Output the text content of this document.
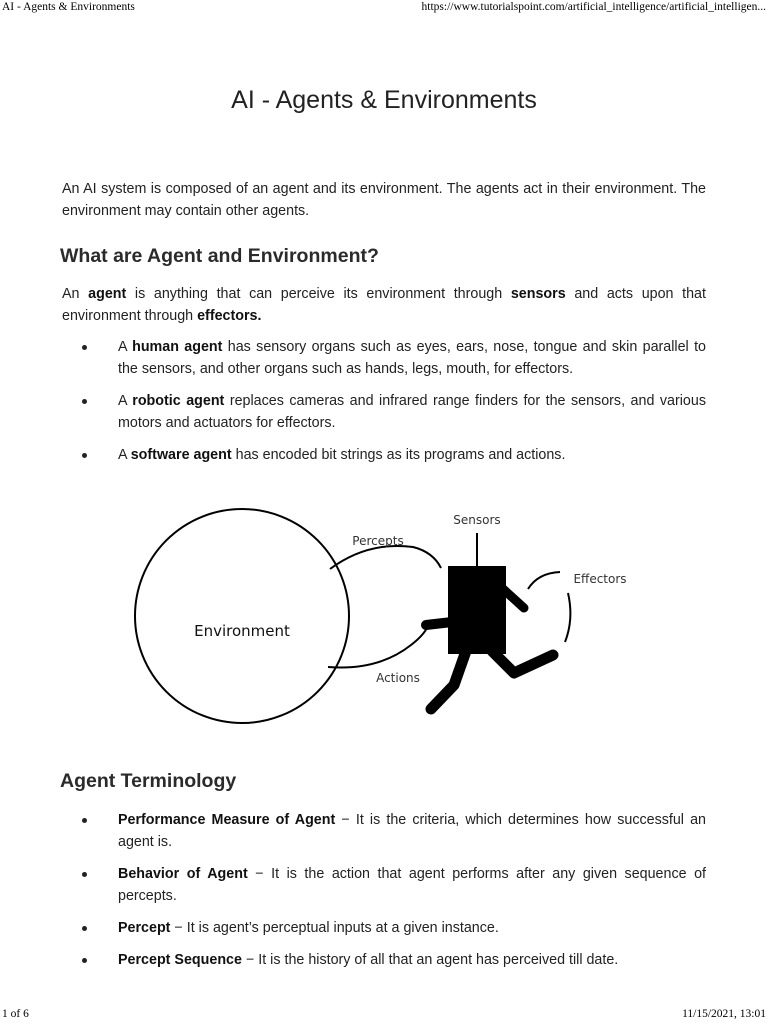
AI - Agents & Environments	https://www.tutorialspoint.com/artificial_intelligence/artificial_intelligen...
AI - Agents & Environments

An AI system is composed of an agent and its environment. The agents act in their environment. The environment may contain other agents.

What are Agent and Environment?

An agent is anything that can perceive its environment through sensors and acts upon that environment through effectors.

A human agent has sensory organs such as eyes, ears, nose, tongue and skin parallel to the sensors, and other organs such as hands, legs, mouth, for effectors.
A robotic agent replaces cameras and infrared range finders for the sensors, and various motors and actuators for effectors.
A software agent has encoded bit strings as its programs and actions.
Agent Terminology
Performance Measure of Agent − It is the criteria, which determines how successful an agent is.
Behavior of Agent − It is the action that agent performs after any given sequence of percepts.
Percept − It is agent’s perceptual inputs at a given instance.
Percept Sequence − It is the history of all that an agent has perceived till date.
Environment
Percepts
Actions
Sensors
Effectors
1 of 6	11/15/2021, 13:01
